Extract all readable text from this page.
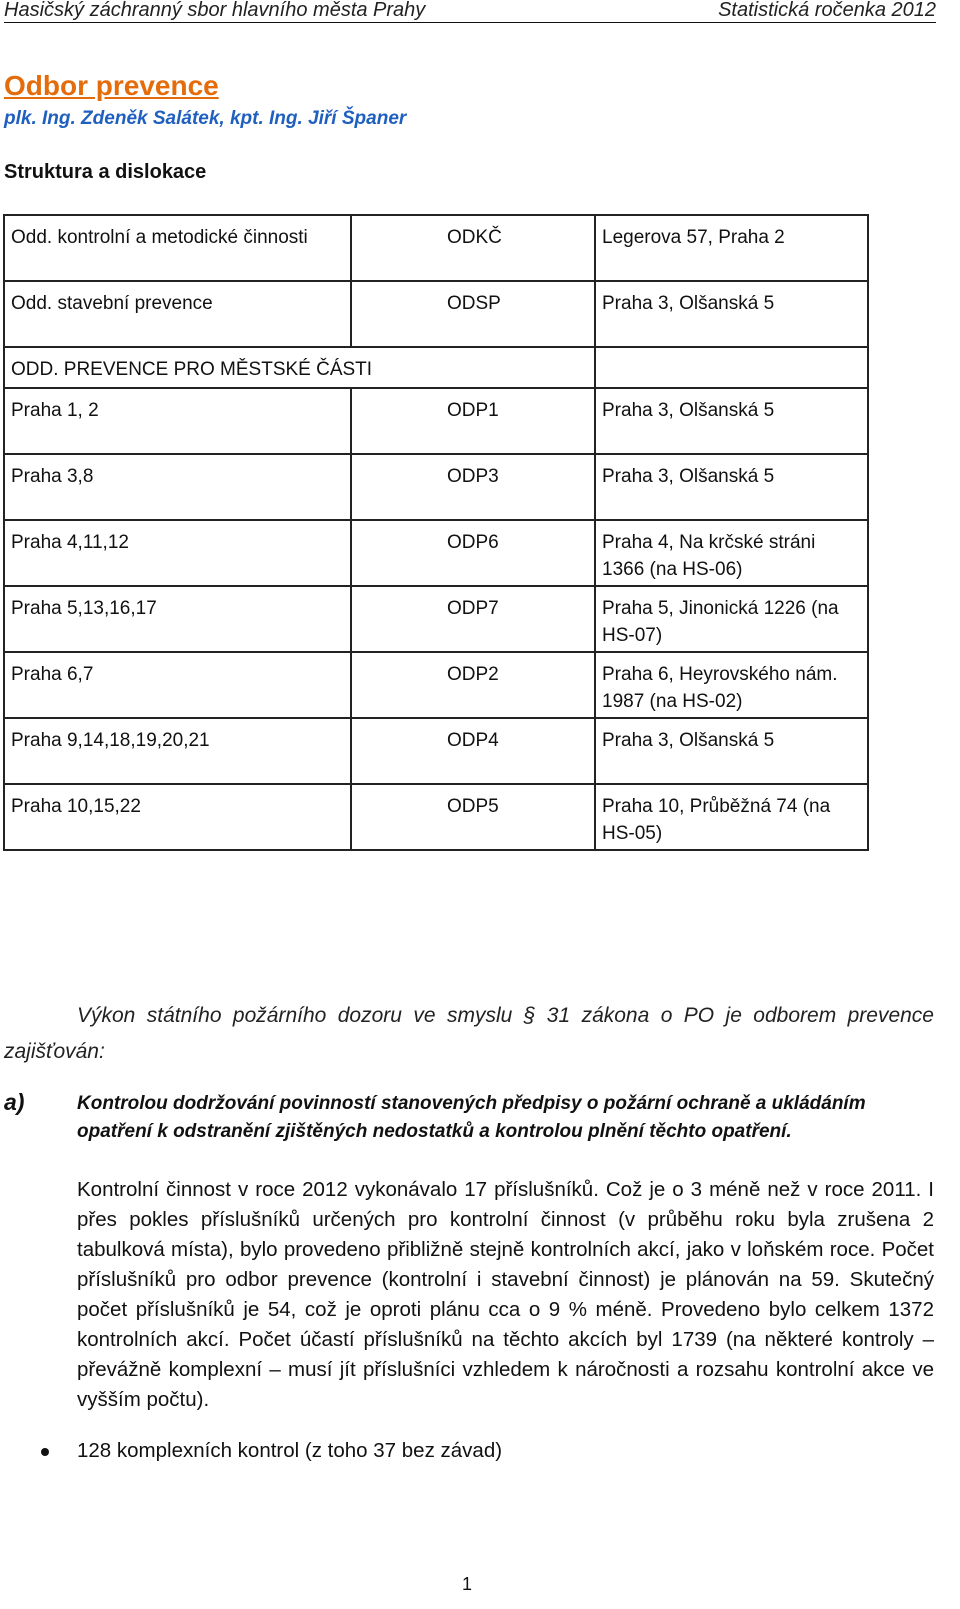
Hasičský záchranný sbor hlavního města Prahy	Statistická ročenka 2012
Odbor prevence
plk. Ing. Zdeněk Salátek, kpt. Ing. Jiří Španer
Struktura a dislokace
Odd. kontrolní a metodické činnosti	ODKČ	Legerova 57, Praha 2
Odd. stavební prevence	ODSP	Praha 3, Olšanská 5
ODD. PREVENCE PRO MĚSTSKÉ ČÁSTI		
Praha 1, 2	ODP1	Praha 3, Olšanská 5
Praha 3,8	ODP3	Praha 3, Olšanská 5
Praha 4,11,12	ODP6	Praha 4, Na krčské stráni 1366 (na HS-06)
Praha 5,13,16,17	ODP7	Praha 5, Jinonická 1226 (na HS-07)
Praha 6,7	ODP2	Praha 6, Heyrovského nám. 1987 (na HS-02)
Praha 9,14,18,19,20,21	ODP4	Praha 3, Olšanská 5
Praha 10,15,22	ODP5	Praha 10, Průběžná 74 (na HS-05)
Výkon státního požárního dozoru ve smyslu § 31 zákona o PO je odborem prevence
zajišťován:
a)	Kontrolou dodržování povinností stanovených předpisy o požární ochraně a ukládáním opatření k odstranění zjištěných nedostatků a kontrolou plnění těchto opatření.
Kontrolní činnost v roce 2012 vykonávalo 17 příslušníků. Což je o 3 méně než v roce 2011. I přes pokles příslušníků určených pro kontrolní činnost (v průběhu roku byla zrušena 2 tabulková místa), bylo provedeno přibližně stejně kontrolních akcí, jako v loňském roce. Počet příslušníků pro odbor prevence (kontrolní i stavební činnost) je plánován na 59. Skutečný počet příslušníků je 54, což je oproti plánu cca o 9 % méně. Provedeno bylo celkem 1372 kontrolních akcí. Počet účastí příslušníků na těchto akcích byl 1739 (na některé kontroly – převážně komplexní – musí jít příslušníci vzhledem k náročnosti a rozsahu kontrolní akce ve vyšším počtu).
128 komplexních kontrol (z toho 37 bez závad)
1
